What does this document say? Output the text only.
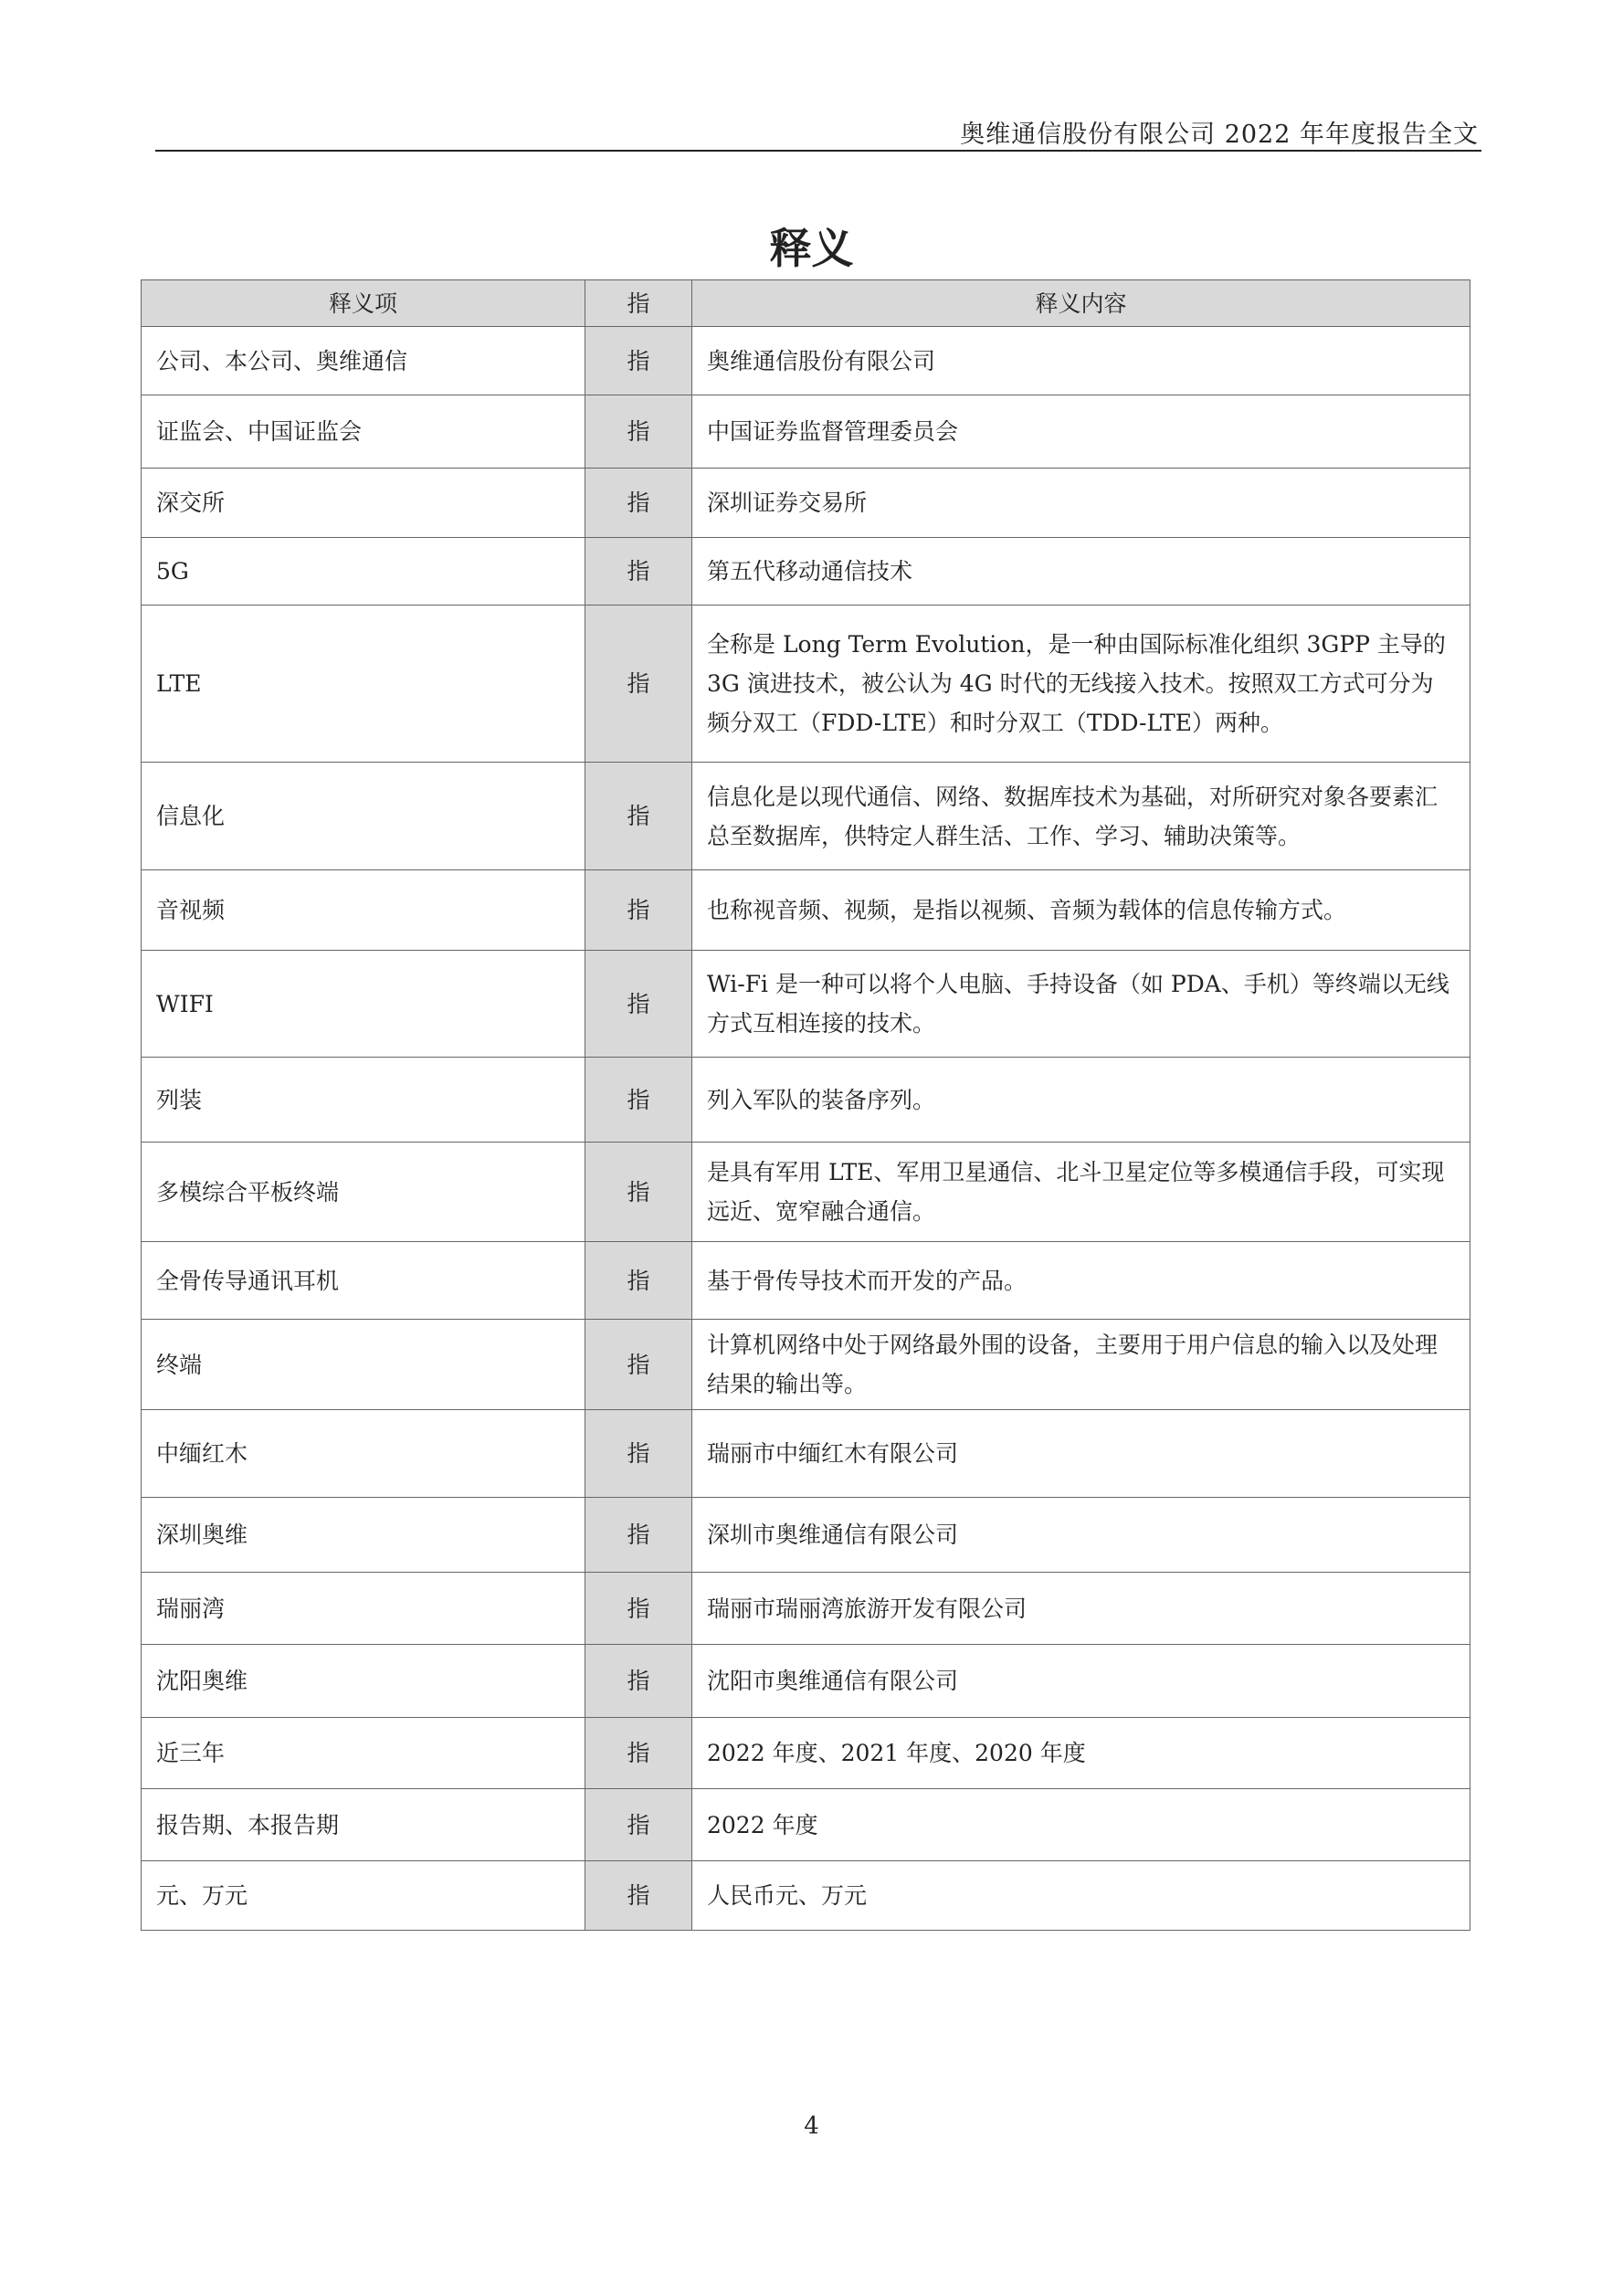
奥维通信股份有限公司 2022 年年度报告全文
释义
释义项	指	释义内容
公司、本公司、奥维通信	指	奥维通信股份有限公司
证监会、中国证监会	指	中国证券监督管理委员会
深交所	指	深圳证券交易所
5G	指	第五代移动通信技术
LTE	指	全称是 Long Term Evolution，是一种由国际标准化组织 3GPP 主导的 3G 演进技术，被公认为 4G 时代的无线接入技术。按照双工方式可分为频分双工（FDD-LTE）和时分双工（TDD-LTE）两种。
信息化	指	信息化是以现代通信、网络、数据库技术为基础，对所研究对象各要素汇总至数据库，供特定人群生活、工作、学习、辅助决策等。
音视频	指	也称视音频、视频，是指以视频、音频为载体的信息传输方式。
WIFI	指	Wi-Fi 是一种可以将个人电脑、手持设备（如 PDA、手机）等终端以无线方式互相连接的技术。
列装	指	列入军队的装备序列。
多模综合平板终端	指	是具有军用 LTE、军用卫星通信、北斗卫星定位等多模通信手段，可实现远近、宽窄融合通信。
全骨传导通讯耳机	指	基于骨传导技术而开发的产品。
终端	指	计算机网络中处于网络最外围的设备，主要用于用户信息的输入以及处理结果的输出等。
中缅红木	指	瑞丽市中缅红木有限公司
深圳奥维	指	深圳市奥维通信有限公司
瑞丽湾	指	瑞丽市瑞丽湾旅游开发有限公司
沈阳奥维	指	沈阳市奥维通信有限公司
近三年	指	2022 年度、2021 年度、2020 年度
报告期、本报告期	指	2022 年度
元、万元	指	人民币元、万元
4
